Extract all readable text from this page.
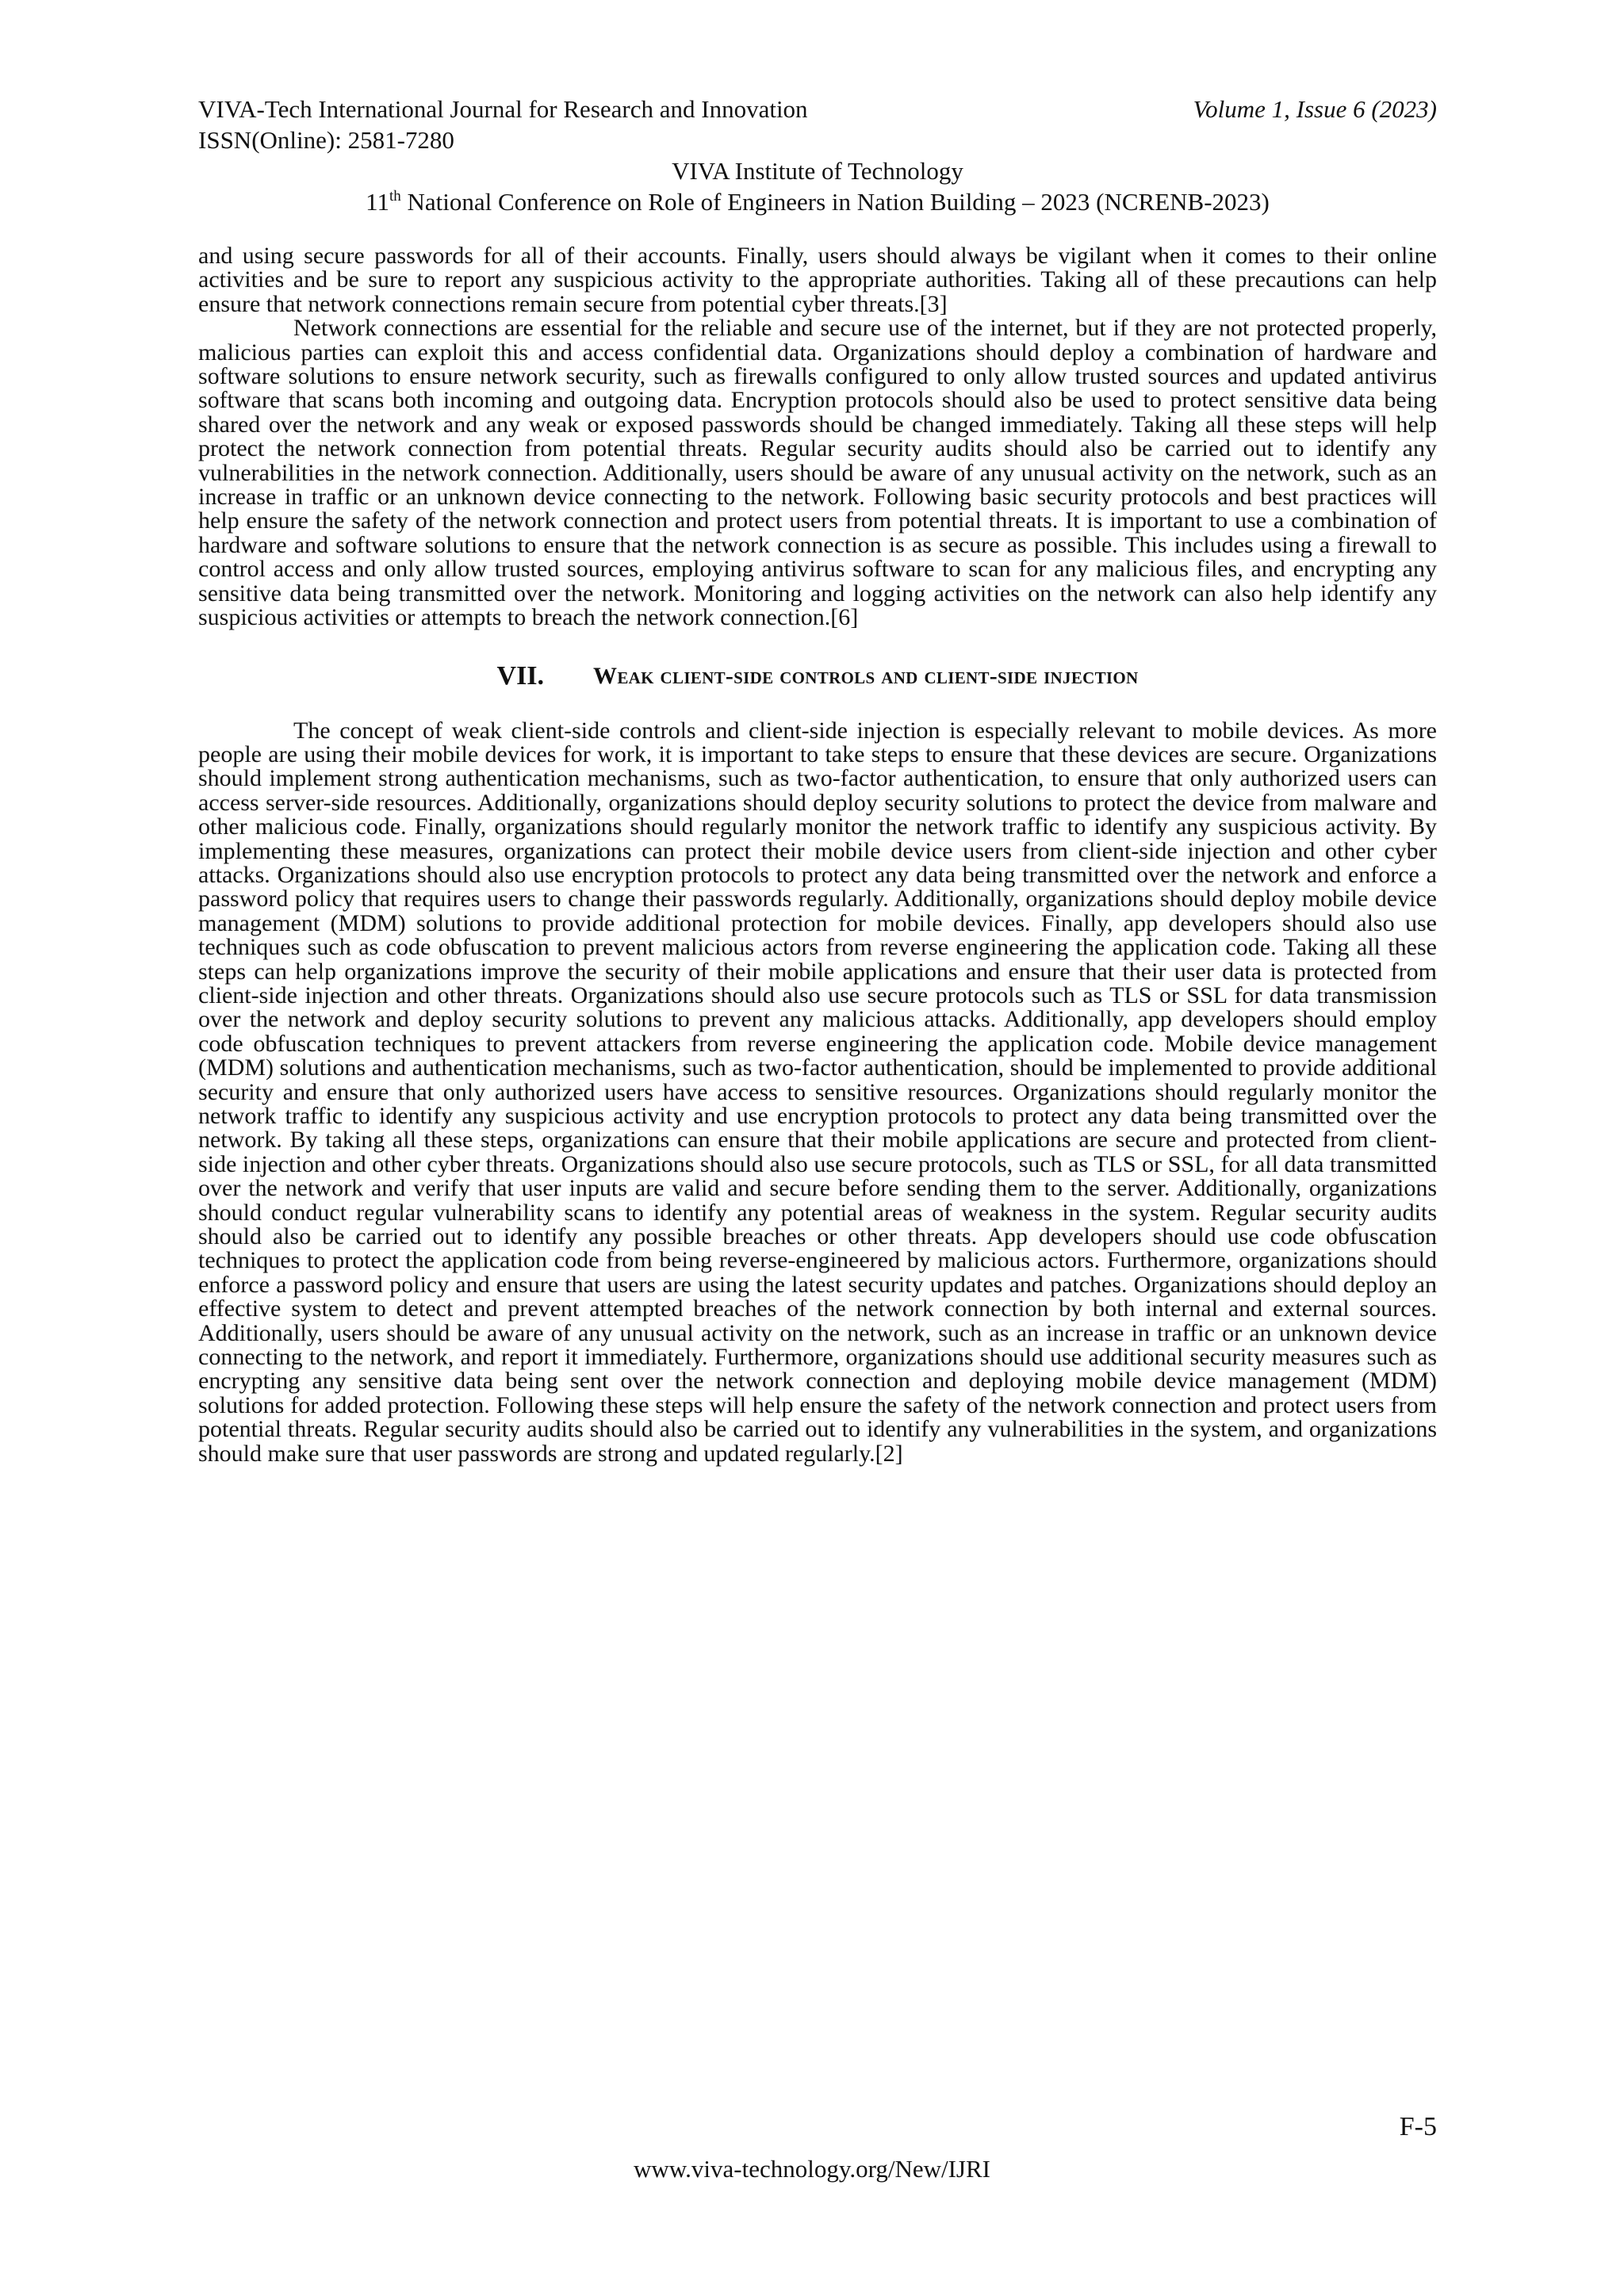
VIVA-Tech International Journal for Research and Innovation	Volume 1, Issue 6 (2023)
ISSN(Online): 2581-7280
VIVA Institute of Technology
11th National Conference on Role of Engineers in Nation Building – 2023 (NCRENB-2023)

and using secure passwords for all of their accounts. Finally, users should always be vigilant when it comes to their online activities and be sure to report any suspicious activity to the appropriate authorities. Taking all of these precautions can help ensure that network connections remain secure from potential cyber threats.[3]

Network connections are essential for the reliable and secure use of the internet, but if they are not protected properly, malicious parties can exploit this and access confidential data. Organizations should deploy a combination of hardware and software solutions to ensure network security, such as firewalls configured to only allow trusted sources and updated antivirus software that scans both incoming and outgoing data. Encryption protocols should also be used to protect sensitive data being shared over the network and any weak or exposed passwords should be changed immediately. Taking all these steps will help protect the network connection from potential threats. Regular security audits should also be carried out to identify any vulnerabilities in the network connection. Additionally, users should be aware of any unusual activity on the network, such as an increase in traffic or an unknown device connecting to the network. Following basic security protocols and best practices will help ensure the safety of the network connection and protect users from potential threats. It is important to use a combination of hardware and software solutions to ensure that the network connection is as secure as possible. This includes using a firewall to control access and only allow trusted sources, employing antivirus software to scan for any malicious files, and encrypting any sensitive data being transmitted over the network. Monitoring and logging activities on the network can also help identify any suspicious activities or attempts to breach the network connection.[6]

VII. Weak client-side controls and client-side injection

The concept of weak client-side controls and client-side injection is especially relevant to mobile devices. As more people are using their mobile devices for work, it is important to take steps to ensure that these devices are secure. Organizations should implement strong authentication mechanisms, such as two-factor authentication, to ensure that only authorized users can access server-side resources. Additionally, organizations should deploy security solutions to protect the device from malware and other malicious code. Finally, organizations should regularly monitor the network traffic to identify any suspicious activity. By implementing these measures, organizations can protect their mobile device users from client-side injection and other cyber attacks. Organizations should also use encryption protocols to protect any data being transmitted over the network and enforce a password policy that requires users to change their passwords regularly. Additionally, organizations should deploy mobile device management (MDM) solutions to provide additional protection for mobile devices. Finally, app developers should also use techniques such as code obfuscation to prevent malicious actors from reverse engineering the application code. Taking all these steps can help organizations improve the security of their mobile applications and ensure that their user data is protected from client-side injection and other threats. Organizations should also use secure protocols such as TLS or SSL for data transmission over the network and deploy security solutions to prevent any malicious attacks. Additionally, app developers should employ code obfuscation techniques to prevent attackers from reverse engineering the application code. Mobile device management (MDM) solutions and authentication mechanisms, such as two-factor authentication, should be implemented to provide additional security and ensure that only authorized users have access to sensitive resources. Organizations should regularly monitor the network traffic to identify any suspicious activity and use encryption protocols to protect any data being transmitted over the network. By taking all these steps, organizations can ensure that their mobile applications are secure and protected from client-side injection and other cyber threats. Organizations should also use secure protocols, such as TLS or SSL, for all data transmitted over the network and verify that user inputs are valid and secure before sending them to the server. Additionally, organizations should conduct regular vulnerability scans to identify any potential areas of weakness in the system. Regular security audits should also be carried out to identify any possible breaches or other threats. App developers should use code obfuscation techniques to protect the application code from being reverse-engineered by malicious actors. Furthermore, organizations should enforce a password policy and ensure that users are using the latest security updates and patches. Organizations should deploy an effective system to detect and prevent attempted breaches of the network connection by both internal and external sources. Additionally, users should be aware of any unusual activity on the network, such as an increase in traffic or an unknown device connecting to the network, and report it immediately. Furthermore, organizations should use additional security measures such as encrypting any sensitive data being sent over the network connection and deploying mobile device management (MDM) solutions for added protection. Following these steps will help ensure the safety of the network connection and protect users from potential threats. Regular security audits should also be carried out to identify any vulnerabilities in the system, and organizations should make sure that user passwords are strong and updated regularly.[2]

F-5
www.viva-technology.org/New/IJRI
